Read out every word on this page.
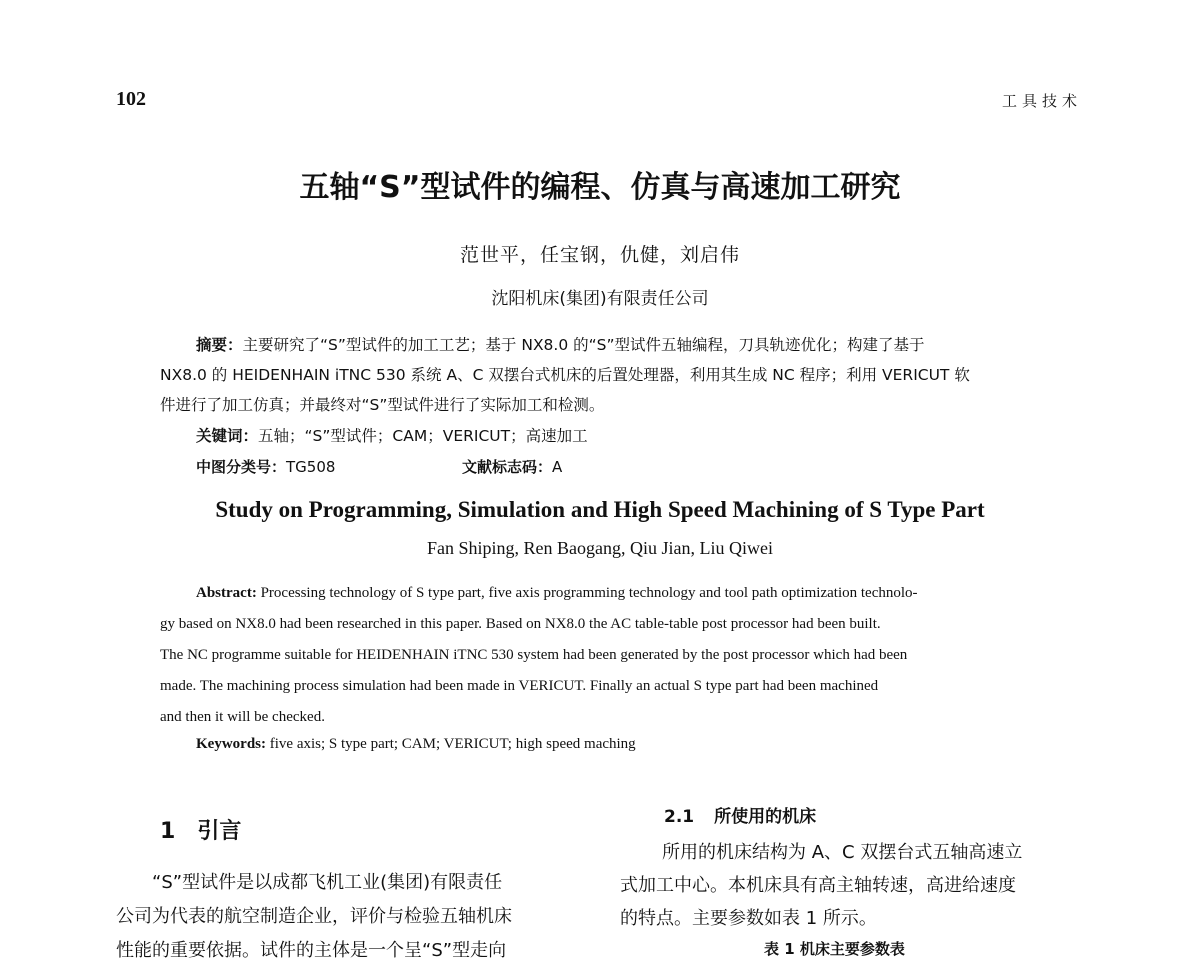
102	工具技术
五轴“S”型试件的编程、仿真与高速加工研究
范世平，任宝钢，仇健，刘启伟
沈阳机床(集团)有限责任公司
摘要：主要研究了“S”型试件的加工工艺；基于 NX8.0 的“S”型试件五轴编程，刀具轨迹优化；构建了基于
NX8.0 的 HEIDENHAIN iTNC 530 系统 A、C 双摆台式机床的后置处理器，利用其生成 NC 程序；利用 VERICUT 软
件进行了加工仿真；并最终对“S”型试件进行了实际加工和检测。
关键词：五轴；“S”型试件；CAM；VERICUT；高速加工
中图分类号：TG508	文献标志码：A
Study on Programming, Simulation and High Speed Machining of S Type Part
Fan Shiping, Ren Baogang, Qiu Jian, Liu Qiwei
Abstract: Processing technology of S type part, five axis programming technology and tool path optimization technolo-
gy based on NX8.0 had been researched in this paper. Based on NX8.0 the AC table-table post processor had been built.
The NC programme suitable for HEIDENHAIN iTNC 530 system had been generated by the post processor which had been
made. The machining process simulation had been made in VERICUT. Finally an actual S type part had been machined
and then it will be checked.
Keywords: five axis; S type part; CAM; VERICUT; high speed maching
1 引言
“S”型试件是以成都飞机工业(集团)有限责任
公司为代表的航空制造企业，评价与检验五轴机床
性能的重要依据。试件的主体是一个呈“S”型走向
2.1 所使用的机床
所用的机床结构为 A、C 双摆台式五轴高速立
式加工中心。本机床具有高主轴转速，高进给速度
的特点。主要参数如表 1 所示。
表 1 机床主要参数表
